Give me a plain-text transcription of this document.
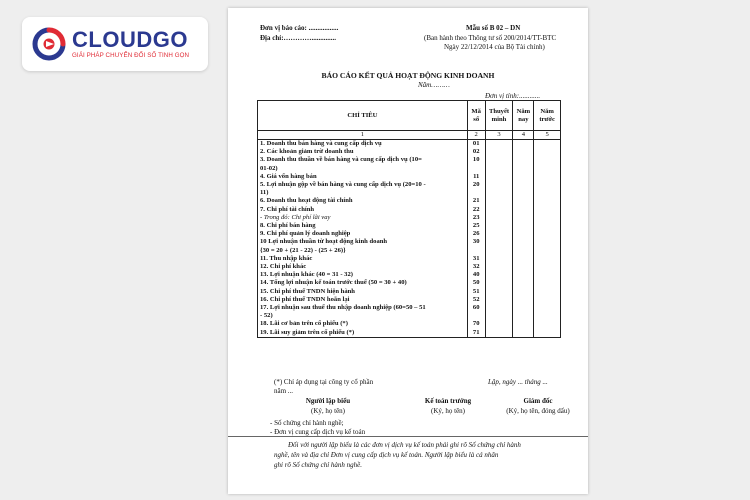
CLOUDGO
GIẢI PHÁP CHUYỂN ĐỔI SỐ TINH GỌN
Đơn vị báo cáo: .................
Địa chỉ:…………..............
Mẫu số B 02 – DN
(Ban hành theo Thông tư số 200/2014/TT-BTC
Ngày 22/12/2014 của Bộ Tài chính)
BÁO CÁO KẾT QUẢ HOẠT ĐỘNG KINH DOANH
Năm………
Đơn vị tính:............
CHỈ TIÊU	Mã số	Thuyết minh	Năm nay	Năm trước
1	2	3	4	5
1. Doanh thu bán hàng và cung cấp dịch vụ	01			
2. Các khoản giảm trừ doanh thu	02			
3. Doanh thu thuần về bán hàng và cung cấp dịch vụ (10=	10			
01-02)				
4. Giá vốn hàng bán	11			
5. Lợi nhuận gộp về bán hàng và cung cấp dịch vụ (20=10 -	20			
11)				
6. Doanh thu hoạt động tài chính	21			
7. Chi phí tài chính	22			
- Trong đó: Chi phí lãi vay	23			
8. Chi phí bán hàng	25			
9. Chi phí quản lý doanh nghiệp	26			
10 Lợi nhuận thuần từ hoạt động kinh doanh	30			
{30 = 20 + (21 - 22) - (25 + 26)}				
11. Thu nhập khác	31			
12. Chi phí khác	32			
13. Lợi nhuận khác (40 = 31 - 32)	40			
14. Tổng lợi nhuận kế toán trước thuế (50 = 30 + 40)	50			
15. Chi phí thuế TNDN hiện hành	51			
16. Chi phí thuế TNDN hoãn lại	52			
17. Lợi nhuận sau thuế thu nhập doanh nghiệp (60=50 – 51	60			
- 52)				
18. Lãi cơ bản trên cổ phiếu (*)	70			
19. Lãi suy giảm trên cổ phiếu (*)	71			
(*) Chỉ áp dụng tại công ty cổ phần
năm ...
Lập, ngày ... tháng ...
Người lập biểu
(Ký, họ tên)
Kế toán trưởng
(Ký, họ tên)
Giám đốc
(Ký, họ tên, đóng dấu)
- Số chứng chỉ hành nghề;
- Đơn vị cung cấp dịch vụ kế toán
Đối với người lập biểu là các đơn vị dịch vụ kế toán phải ghi rõ Số chứng chỉ hành
nghề, tên và địa chỉ Đơn vị cung cấp dịch vụ kế toán. Người lập biểu là cá nhân
ghi rõ Số chứng chỉ hành nghề.
